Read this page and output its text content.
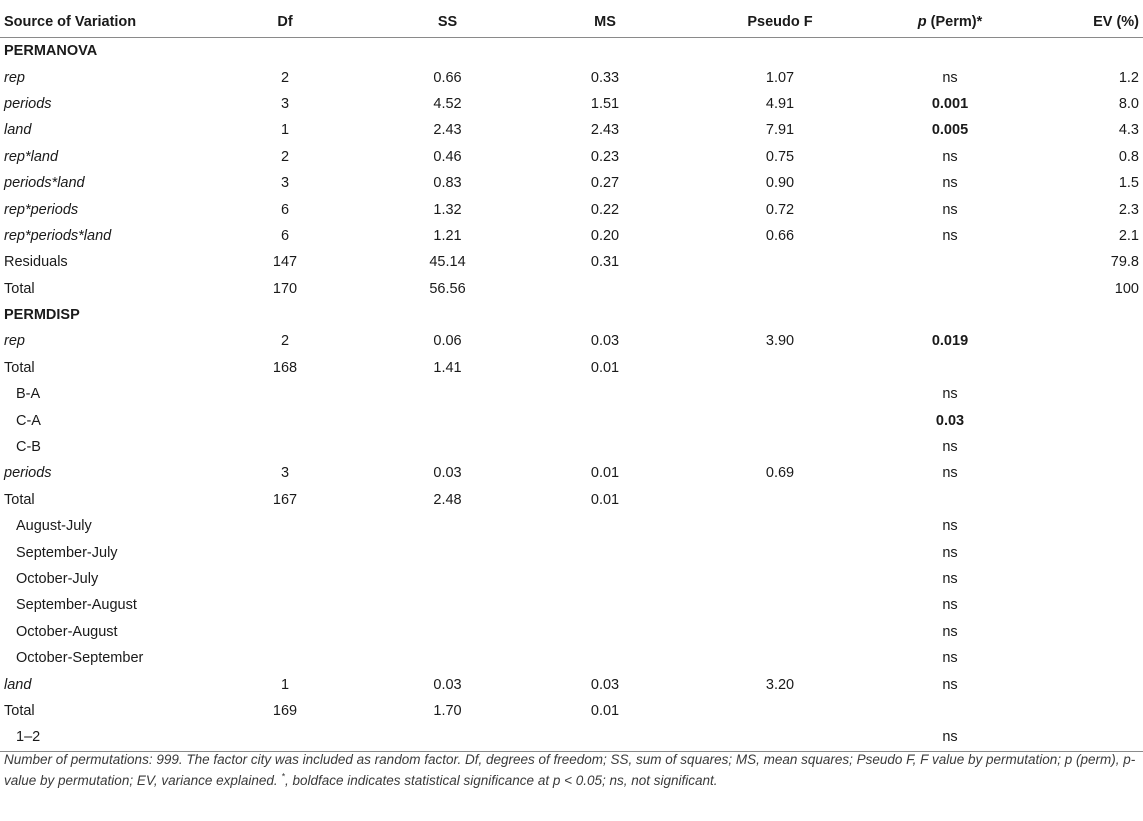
Source of Variation	Df	SS	MS	Pseudo F	p (Perm)*	EV (%)
PERMANOVA						
rep	2	0.66	0.33	1.07	ns	1.2
periods	3	4.52	1.51	4.91	0.001	8.0
land	1	2.43	2.43	7.91	0.005	4.3
rep*land	2	0.46	0.23	0.75	ns	0.8
periods*land	3	0.83	0.27	0.90	ns	1.5
rep*periods	6	1.32	0.22	0.72	ns	2.3
rep*periods*land	6	1.21	0.20	0.66	ns	2.1
Residuals	147	45.14	0.31			79.8
Total	170	56.56				100
PERMDISP						
rep	2	0.06	0.03	3.90	0.019	
Total	168	1.41	0.01			
B-A					ns	
C-A					0.03	
C-B					ns	
periods	3	0.03	0.01	0.69	ns	
Total	167	2.48	0.01			
August-July					ns	
September-July					ns	
October-July					ns	
September-August					ns	
October-August					ns	
October-September					ns	
land	1	0.03	0.03	3.20	ns	
Total	169	1.70	0.01			
1–2					ns	
Number of permutations: 999. The factor city was included as random factor. Df, degrees of freedom; SS, sum of squares; MS, mean squares; Pseudo F, F value by permutation; p (perm), p-value by permutation; EV, variance explained. *, boldface indicates statistical significance at p < 0.05; ns, not significant.
